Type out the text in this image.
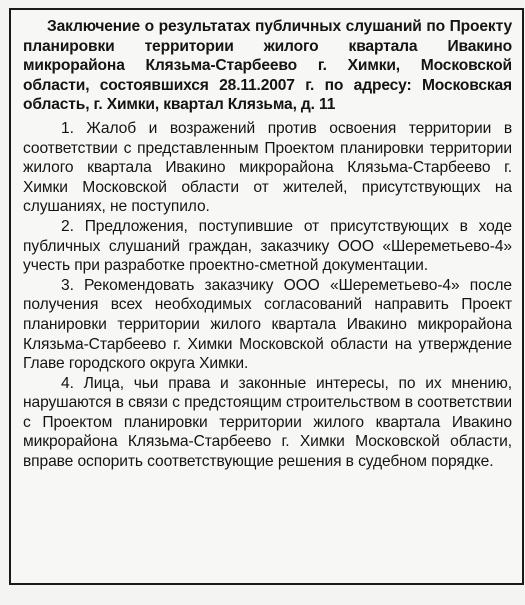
Заключение о результатах публичных слушаний по Проекту планировки территории жилого квартала Ивакино микрорайона Клязьма-Старбеево г. Химки, Московской области, состоявшихся 28.11.2007 г. по адресу: Московская область, г. Химки, квартал Клязьма, д. 11

1. Жалоб и возражений против освоения территории в соответствии с представленным Проектом планировки территории жилого квартала Ивакино микрорайона Клязьма-Старбеево г. Химки Московской области от жителей, присутствующих на слушаниях, не поступило.

2. Предложения, поступившие от присутствующих в ходе публичных слушаний граждан, заказчику ООО «Шереметьево-4» учесть при разработке проектно-сметной документации.

3. Рекомендовать заказчику ООО «Шереметьево-4» после получения всех необходимых согласований направить Проект планировки территории жилого квартала Ивакино микрорайона Клязьма-Старбеево г. Химки Московской области на утверждение Главе городского округа Химки.

4. Лица, чьи права и законные интересы, по их мнению, нарушаются в связи с предстоящим строительством в соответствии с Проектом планировки территории жилого квартала Ивакино микрорайона Клязьма-Старбеево г. Химки Московской области, вправе оспорить соответствующие решения в судебном порядке.
